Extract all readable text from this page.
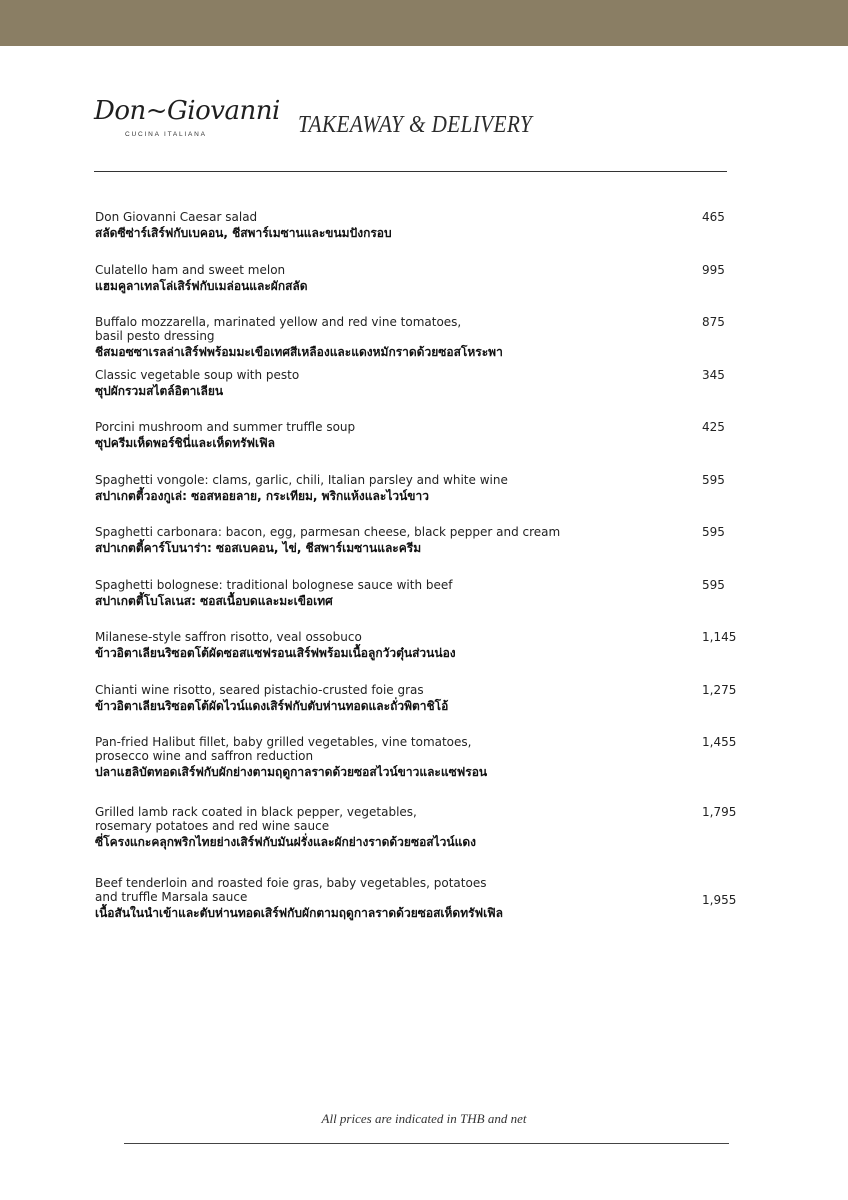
Don~Giovanni
CUCINA ITALIANA	TAKEAWAY & DELIVERY
Don Giovanni Caesar salad
สลัดซีซ่าร์เสิร์ฟกับเบคอน, ชีสพาร์เมซานและขนมปังกรอบ
465
Culatello ham and sweet melon
แฮมคูลาเทลโล่เสิร์ฟกับเมล่อนและผักสลัด
995
Buffalo mozzarella, marinated yellow and red vine tomatoes,
basil pesto dressing
ชีสมอซซาเรลล่าเสิร์ฟพร้อมมะเขือเทศสีเหลืองและแดงหมักราดด้วยซอสโหระพา
875
Classic vegetable soup with pesto
ซุปผักรวมสไตล์อิตาเลียน
345
Porcini mushroom and summer truffle soup
ซุปครีมเห็ดพอร์ชินี่และเห็ดทรัฟเฟิล
425
Spaghetti vongole: clams, garlic, chili, Italian parsley and white wine
สปาเกตตี้วองกูเล่: ซอสหอยลาย, กระเทียม, พริกแห้งและไวน์ขาว
595
Spaghetti carbonara: bacon, egg, parmesan cheese, black pepper and cream
สปาเกตตี้คาร์โบนาร่า: ซอสเบคอน, ไข่, ชีสพาร์เมซานและครีม
595
Spaghetti bolognese: traditional bolognese sauce with beef
สปาเกตตี้โบโลเนส: ซอสเนื้อบดและมะเขือเทศ
595
Milanese-style saffron risotto, veal ossobuco
ข้าวอิตาเลียนริซอตโต้ผัดซอสแซฟรอนเสิร์ฟพร้อมเนื้อลูกวัวตุ๋นส่วนน่อง
1,145
Chianti wine risotto, seared pistachio-crusted foie gras
ข้าวอิตาเลียนริซอตโต้ผัดไวน์แดงเสิร์ฟกับตับห่านทอดและถั่วพิตาชิโอ้
1,275
Pan-fried Halibut fillet, baby grilled vegetables, vine tomatoes,
prosecco wine and saffron reduction
ปลาแฮลิบัตทอดเสิร์ฟกับผักย่างตามฤดูกาลราดด้วยซอสไวน์ขาวและแซฟรอน
1,455
Grilled lamb rack coated in black pepper, vegetables,
rosemary potatoes and red wine sauce
ซี่โครงแกะคลุกพริกไทยย่างเสิร์ฟกับมันฝรั่งและผักย่างราดด้วยซอสไวน์แดง
1,795
Beef tenderloin and roasted foie gras, baby vegetables, potatoes
and truffle Marsala sauce
เนื้อสันในนำเข้าและตับห่านทอดเสิร์ฟกับผักตามฤดูกาลราดด้วยซอสเห็ดทรัฟเฟิล
1,955
All prices are indicated in THB and net
